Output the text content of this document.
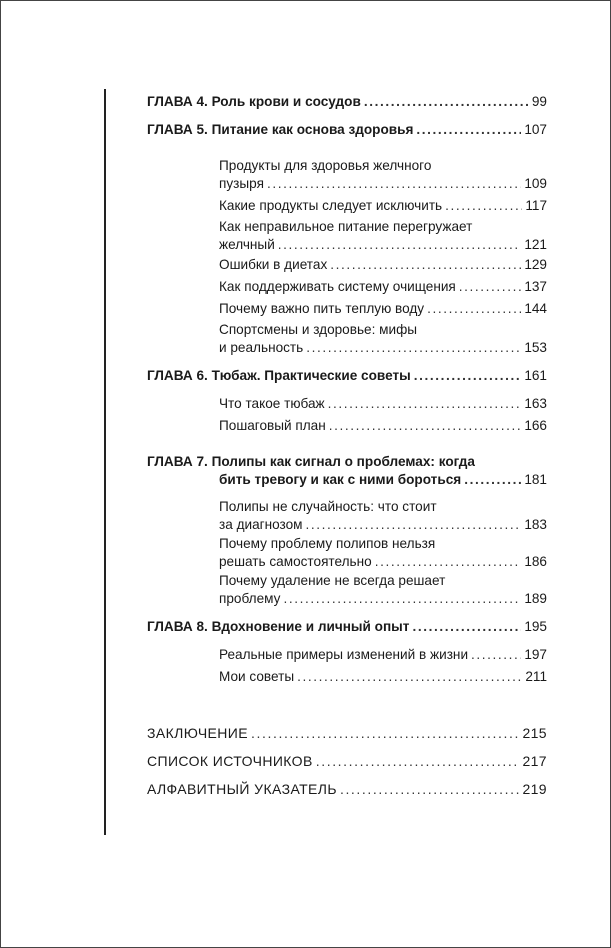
ГЛАВА 4. Роль крови и сосудов .....	99
ГЛАВА 5. Питание как основа здоровья .....	107
Продукты для здоровья желчного
пузыря .....	109
Какие продукты следует исключить .....	117
Как неправильное питание перегружает
желчный .....	121
Ошибки в диетах .....	129
Как поддерживать систему очищения .....	137
Почему важно пить теплую воду .....	144
Спортсмены и здоровье: мифы
и реальность .....	153
ГЛАВА 6. Тюбаж. Практические советы .....	161
Что такое тюбаж .....	163
Пошаговый план .....	166
ГЛАВА 7. Полипы как сигнал о проблемах: когда
бить тревогу и как с ними бороться .....	181
Полипы не случайность: что стоит
за диагнозом .....	183
Почему проблему полипов нельзя
решать самостоятельно .....	186
Почему удаление не всегда решает
проблему .....	189
ГЛАВА 8. Вдохновение и личный опыт .....	195
Реальные примеры изменений в жизни .....	197
Мои советы .....	211
ЗАКЛЮЧЕНИЕ .....	215
СПИСОК ИСТОЧНИКОВ .....	217
АЛФАВИТНЫЙ УКАЗАТЕЛЬ .....	219
